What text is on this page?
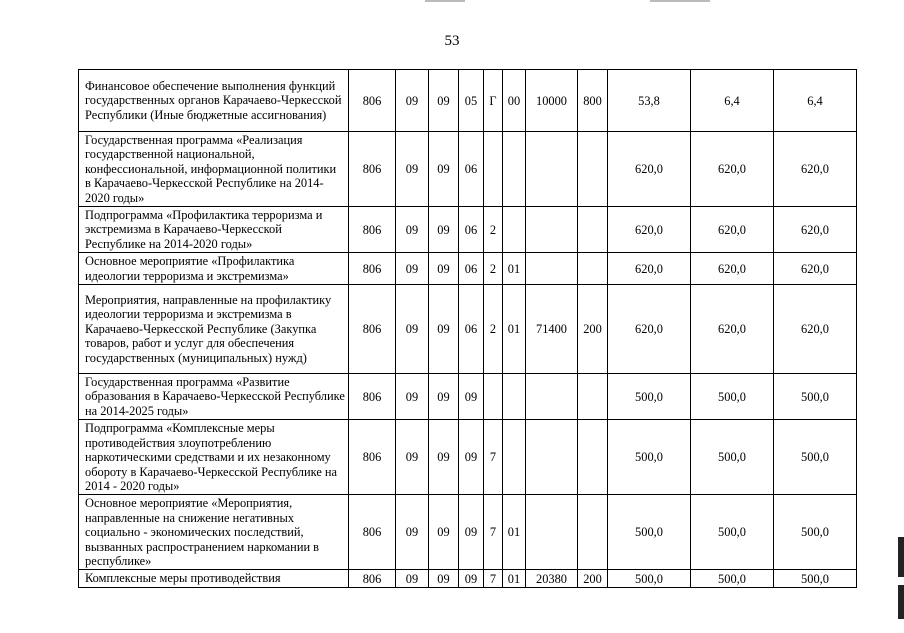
53
Финансовое обеспечение выполнения функций государственных органов Карачаево-Черкесской Республики (Иные бюджетные ассигнования)	806	09	09	05	Г	00	10000	800	53,8	6,4	6,4
Государственная программа «Реализация государственной национальной, конфессиональной, информационной политики в Карачаево-Черкесской Республике на 2014-2020 годы»	806	09	09	06					620,0	620,0	620,0
Подпрограмма «Профилактика терроризма и экстремизма в Карачаево-Черкесской Республике на 2014-2020 годы»	806	09	09	06	2				620,0	620,0	620,0
Основное мероприятие «Профилактика идеологии терроризма и экстремизма»	806	09	09	06	2	01			620,0	620,0	620,0
Мероприятия, направленные на профилактику идеологии терроризма и экстремизма в Карачаево-Черкесской Республике (Закупка товаров, работ и услуг для обеспечения государственных (муниципальных) нужд)	806	09	09	06	2	01	71400	200	620,0	620,0	620,0
Государственная программа «Развитие образования в Карачаево-Черкесской Республике на 2014-2025 годы»	806	09	09	09					500,0	500,0	500,0
Подпрограмма «Комплексные меры противодействия злоупотреблению наркотическими средствами и их незаконному обороту в Карачаево-Черкесской Республике на 2014 - 2020 годы»	806	09	09	09	7				500,0	500,0	500,0
Основное мероприятие «Мероприятия, направленные на снижение негативных социально - экономических последствий, вызванных распространением наркомании в республике»	806	09	09	09	7	01			500,0	500,0	500,0
Комплексные меры противодействия	806	09	09	09	7	01	20380	200	500,0	500,0	500,0
